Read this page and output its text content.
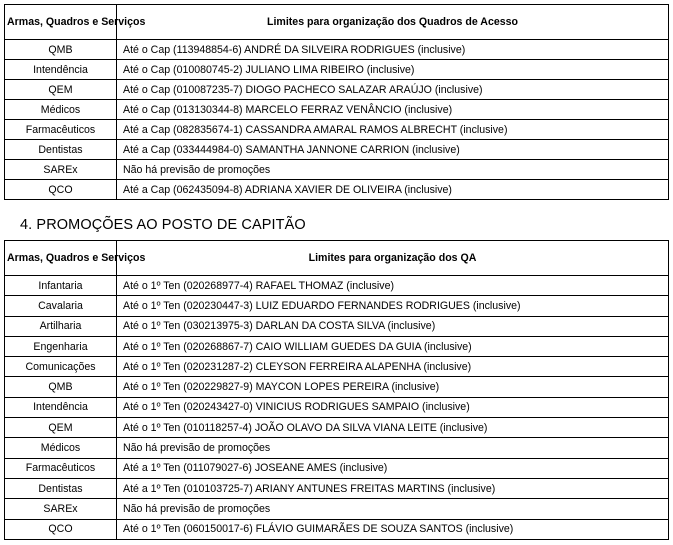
Armas, Quadros e Serviços	Limites para organização dos Quadros de Acesso
QMB	Até o Cap (113948854-6) ANDRÉ DA SILVEIRA RODRIGUES (inclusive)
Intendência	Até o Cap (010080745-2) JULIANO LIMA RIBEIRO (inclusive)
QEM	Até o Cap (010087235-7) DIOGO PACHECO SALAZAR ARAÚJO (inclusive)
Médicos	Até o Cap (013130344-8) MARCELO FERRAZ VENÂNCIO (inclusive)
Farmacêuticos	Até a Cap (082835674-1) CASSANDRA AMARAL RAMOS ALBRECHT (inclusive)
Dentistas	Até a Cap (033444984-0) SAMANTHA JANNONE CARRION (inclusive)
SAREx	Não há previsão de promoções
QCO	Até a Cap (062435094-8) ADRIANA XAVIER DE OLIVEIRA (inclusive)
4. PROMOÇÕES AO POSTO DE CAPITÃO
Armas, Quadros e Serviços	Limites para organização dos QA
Infantaria	Até o 1º Ten (020268977-4) RAFAEL THOMAZ (inclusive)
Cavalaria	Até o 1º Ten (020230447-3) LUIZ EDUARDO FERNANDES RODRIGUES (inclusive)
Artilharia	Até o 1º Ten (030213975-3) DARLAN DA COSTA SILVA (inclusive)
Engenharia	Até o 1º Ten (020268867-7) CAIO WILLIAM GUEDES DA GUIA (inclusive)
Comunicações	Até o 1º Ten (020231287-2) CLEYSON FERREIRA ALAPENHA (inclusive)
QMB	Até o 1º Ten (020229827-9) MAYCON LOPES PEREIRA (inclusive)
Intendência	Até o 1º Ten (020243427-0) VINICIUS RODRIGUES SAMPAIO (inclusive)
QEM	Até o 1º Ten (010118257-4) JOÃO OLAVO DA SILVA VIANA LEITE (inclusive)
Médicos	Não há previsão de promoções
Farmacêuticos	Até a 1º Ten (011079027-6) JOSEANE AMES (inclusive)
Dentistas	Até a 1º Ten (010103725-7) ARIANY ANTUNES FREITAS MARTINS (inclusive)
SAREx	Não há previsão de promoções
QCO	Até o 1º Ten (060150017-6) FLÁVIO GUIMARÃES DE SOUZA SANTOS (inclusive)
